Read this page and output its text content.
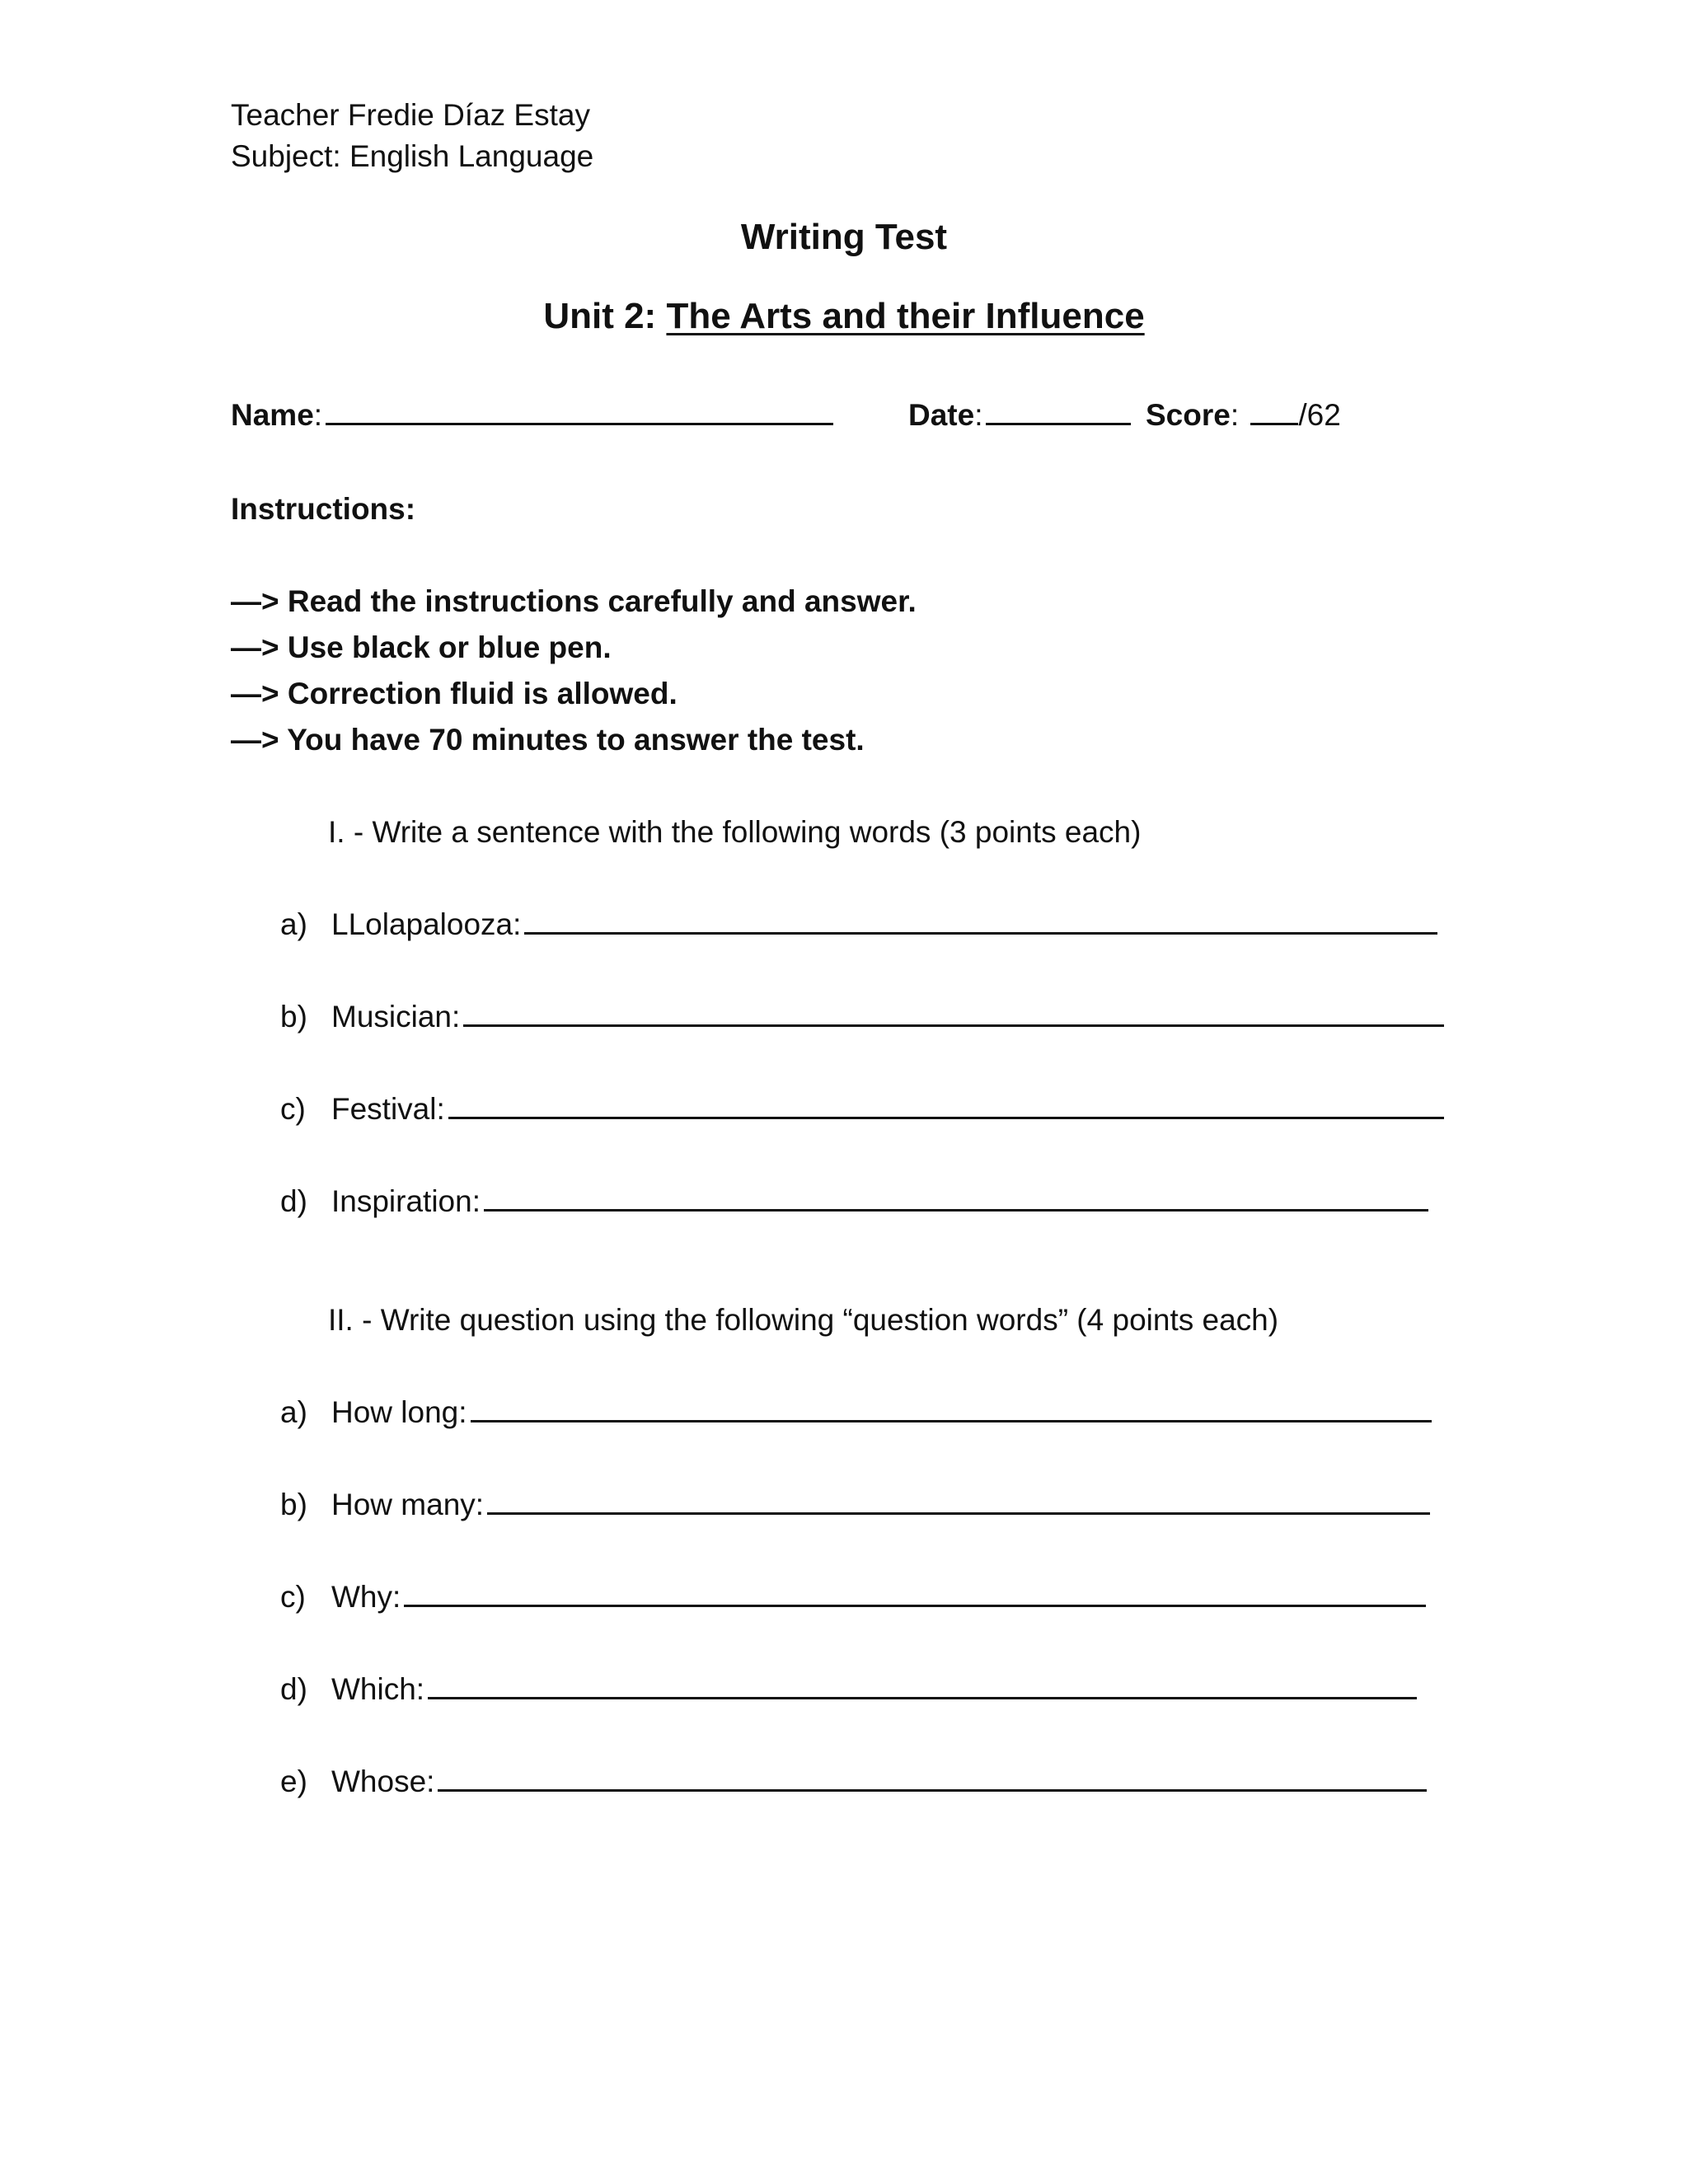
Teacher Fredie Díaz Estay
Subject: English Language
Writing Test
Unit 2: The Arts and their Influence
Name:	Date:	Score: /62
Instructions:
—> Read the instructions carefully and answer.
—> Use black or blue pen.
—> Correction fluid is allowed.
—> You have 70 minutes to answer the test.
I. - Write a sentence with the following words (3 points each)
a) LLolapalooza:
b) Musician:
c) Festival:
d) Inspiration:
II. - Write question using the following “question words” (4 points each)
a) How long:
b) How many:
c) Why:
d) Which:
e) Whose:
